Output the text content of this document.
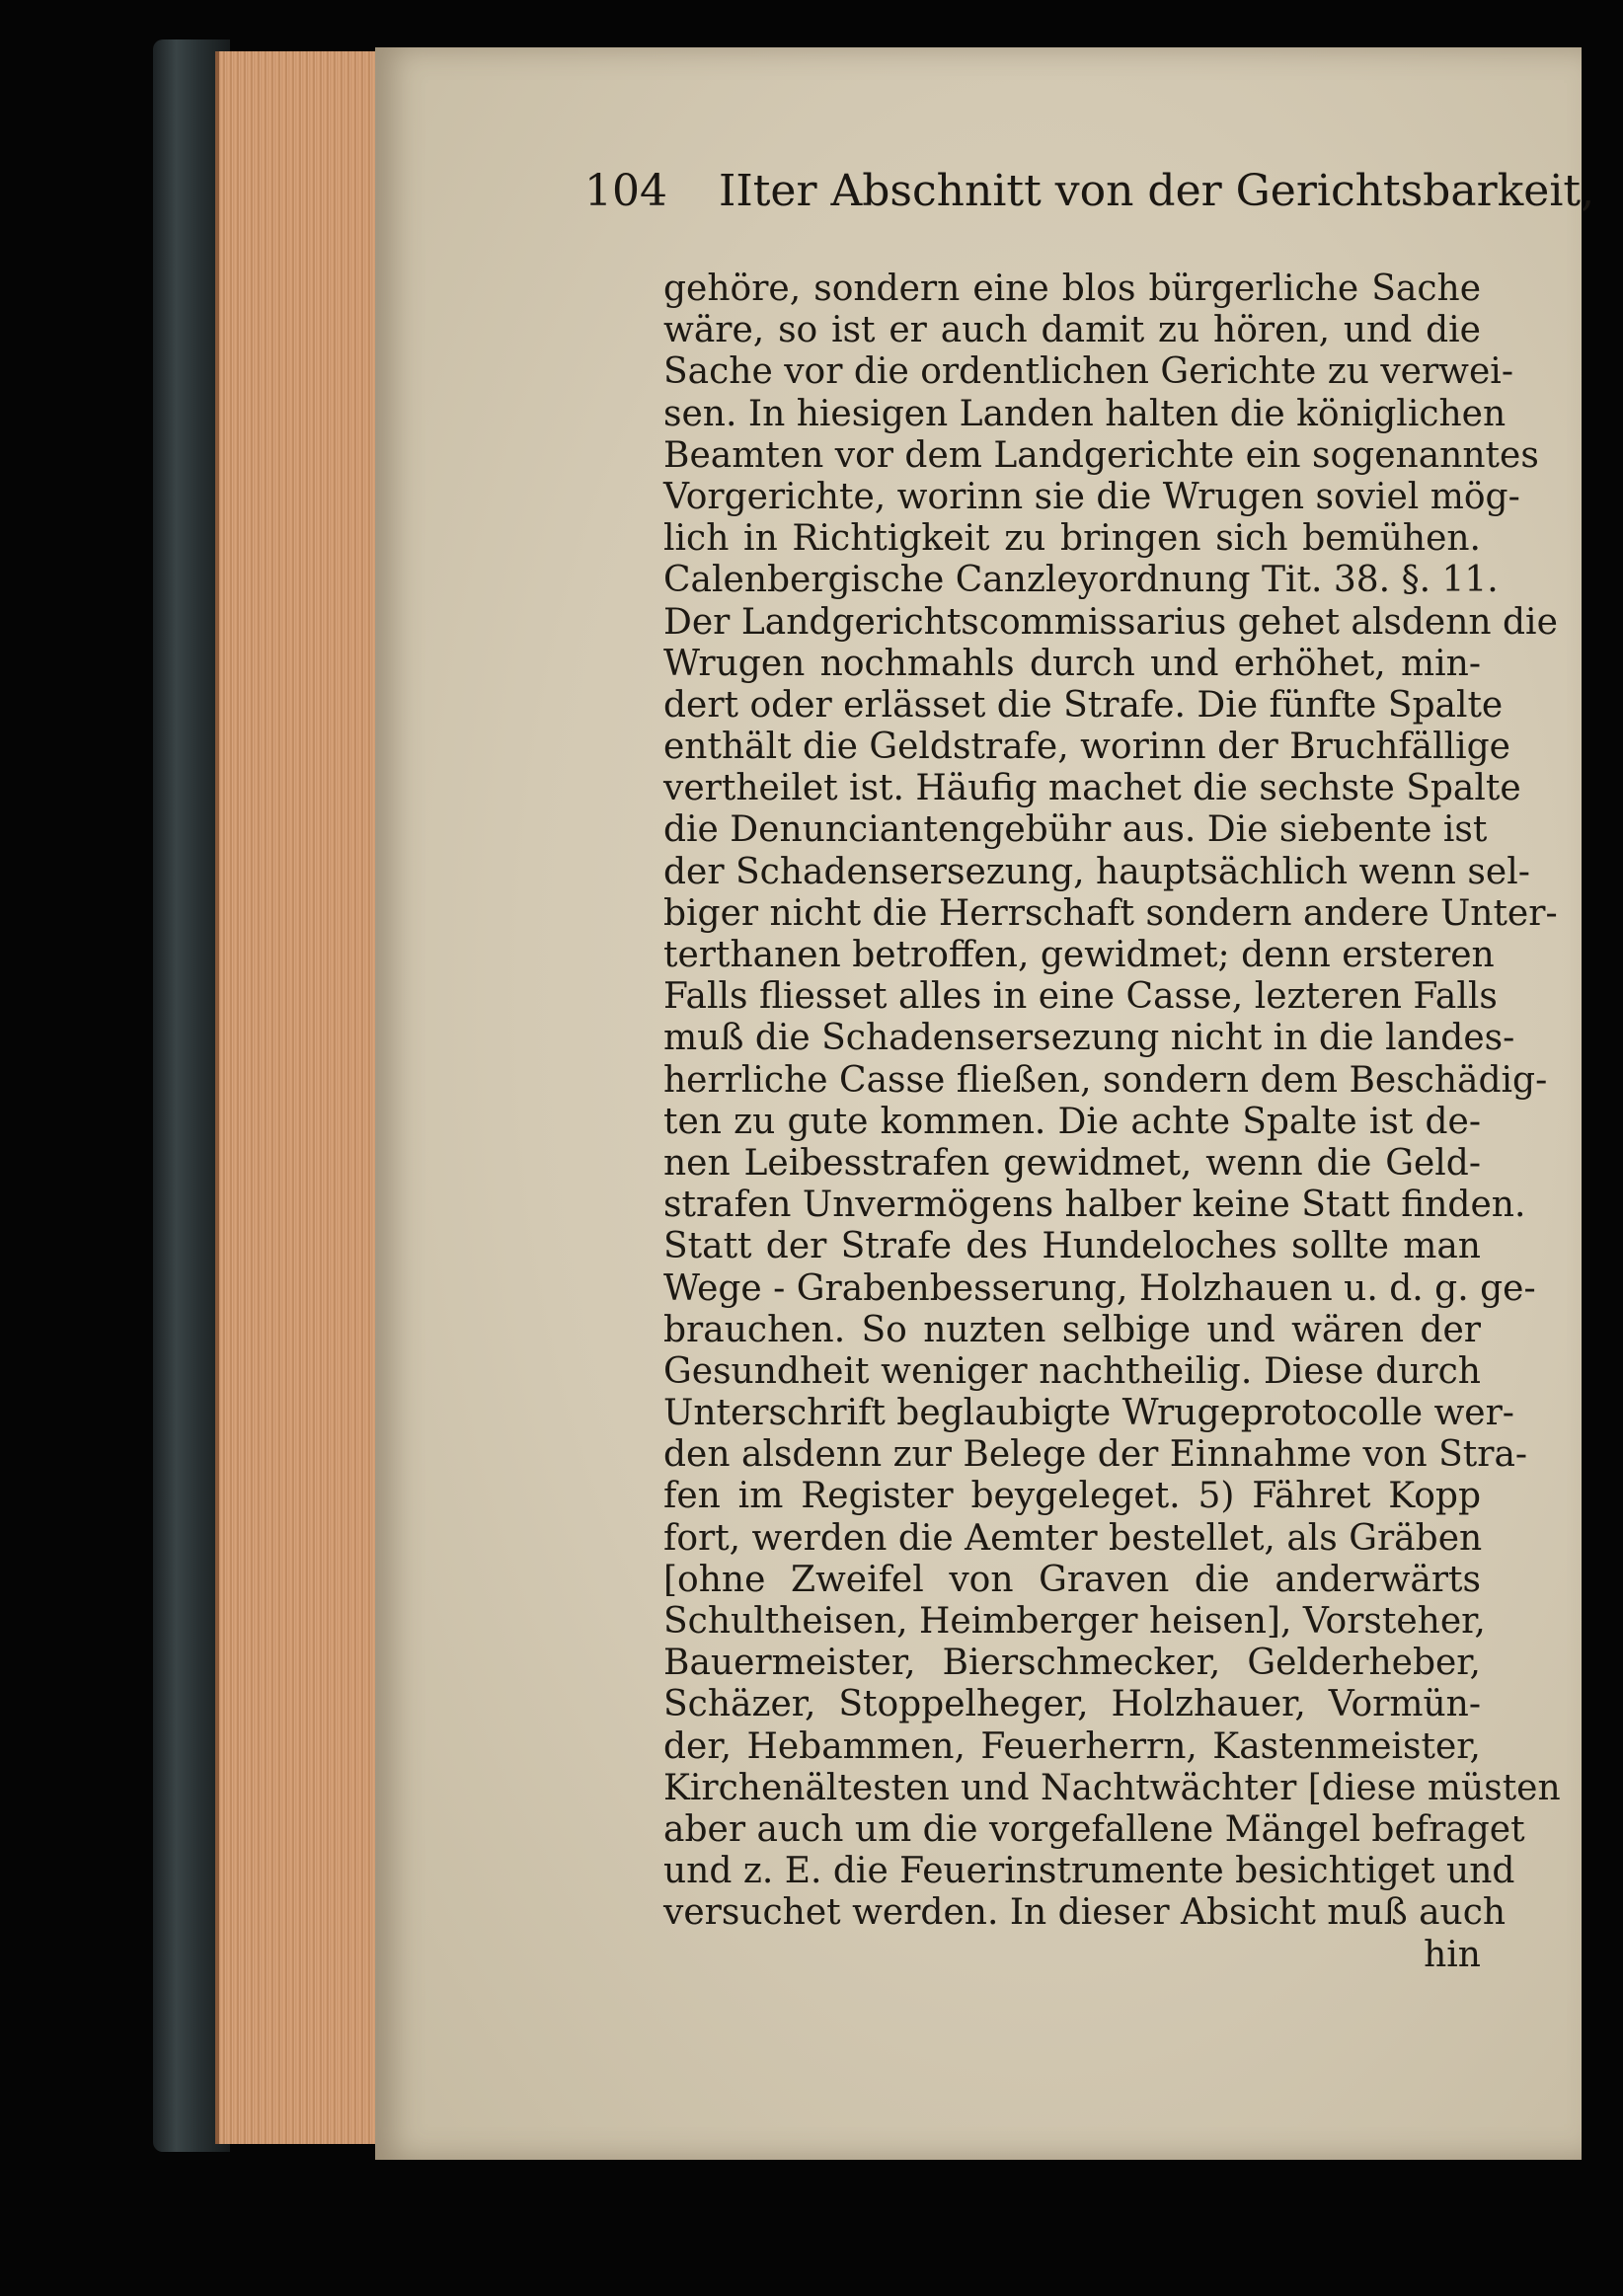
104 IIter Abschnitt von der Gerichtsbarkeit,
gehöre, sondern eine blos bürgerliche Sache
wäre, so ist er auch damit zu hören, und die
Sache vor die ordentlichen Gerichte zu verwei-
sen. In hiesigen Landen halten die königlichen
Beamten vor dem Landgerichte ein sogenanntes
Vorgerichte, worinn sie die Wrugen soviel mög-
lich in Richtigkeit zu bringen sich bemühen.
Calenbergische Canzleyordnung Tit. 38. §. 11.
Der Landgerichtscommissarius gehet alsdenn die
Wrugen nochmahls durch und erhöhet, min-
dert oder erlässet die Strafe. Die fünfte Spalte
enthält die Geldstrafe, worinn der Bruchfällige
vertheilet ist. Häufig machet die sechste Spalte
die Denunciantengebühr aus. Die siebente ist
der Schadensersezung, hauptsächlich wenn sel-
biger nicht die Herrschaft sondern andere Unter-
terthanen betroffen, gewidmet; denn ersteren
Falls fliesset alles in eine Casse, lezteren Falls
muß die Schadensersezung nicht in die landes-
herrliche Casse fließen, sondern dem Beschädig-
ten zu gute kommen. Die achte Spalte ist de-
nen Leibesstrafen gewidmet, wenn die Geld-
strafen Unvermögens halber keine Statt finden.
Statt der Strafe des Hundeloches sollte man
Wege - Grabenbesserung, Holzhauen u. d. g. ge-
brauchen. So nuzten selbige und wären der
Gesundheit weniger nachtheilig. Diese durch
Unterschrift beglaubigte Wrugeprotocolle wer-
den alsdenn zur Belege der Einnahme von Stra-
fen im Register beygeleget. 5) Fähret Kopp
fort, werden die Aemter bestellet, als Gräben
[ohne Zweifel von Graven die anderwärts
Schultheisen, Heimberger heisen], Vorsteher,
Bauermeister, Bierschmecker, Gelderheber,
Schäzer, Stoppelheger, Holzhauer, Vormün-
der, Hebammen, Feuerherrn, Kastenmeister,
Kirchenältesten und Nachtwächter [diese müsten
aber auch um die vorgefallene Mängel befraget
und z. E. die Feuerinstrumente besichtiget und
versuchet werden. In dieser Absicht muß auch
hin
